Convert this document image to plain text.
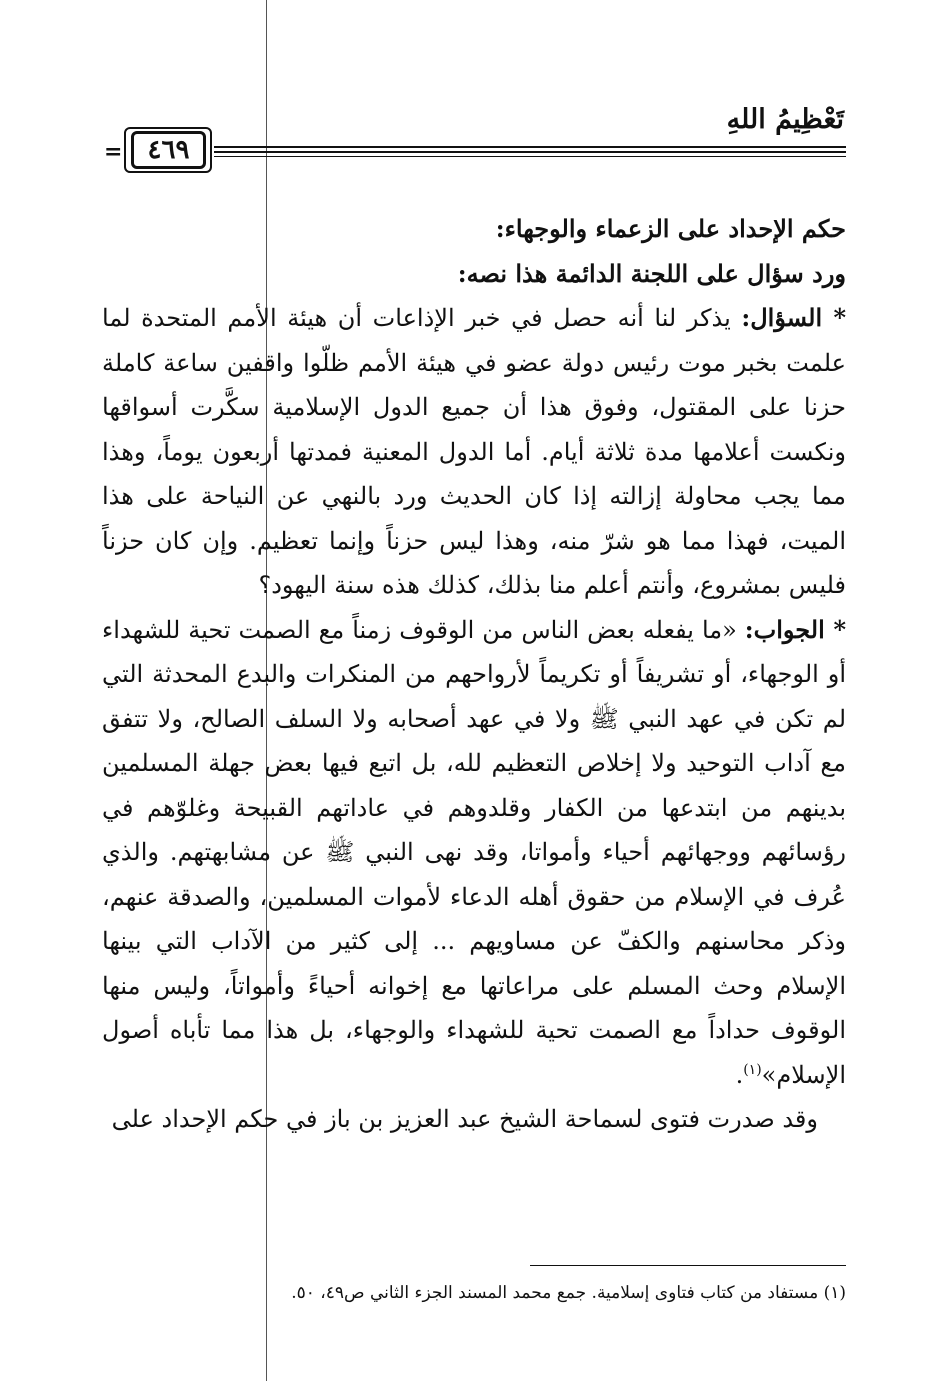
تَعْظِيمُ اللهِ
٤٦٩
=

حكم الإحداد على الزعماء والوجهاء:

ورد سؤال على اللجنة الدائمة هذا نصه:

* السؤال: يذكر لنا أنه حصل في خبر الإذاعات أن هيئة الأمم المتحدة لما علمت بخبر موت رئيس دولة عضو في هيئة الأمم ظلّوا واقفين ساعة كاملة حزنا على المقتول، وفوق هذا أن جميع الدول الإسلامية سكَّرت أسواقها ونكست أعلامها مدة ثلاثة أيام. أما الدول المعنية فمدتها أربعون يوماً، وهذا مما يجب محاولة إزالته إذا كان الحديث ورد بالنهي عن النياحة على هذا الميت، فهذا مما هو شرّ منه، وهذا ليس حزناً وإنما تعظيم. وإن كان حزناً فليس بمشروع، وأنتم أعلم منا بذلك، كذلك هذه سنة اليهود؟

* الجواب: «ما يفعله بعض الناس من الوقوف زمناً مع الصمت تحية للشهداء أو الوجهاء، أو تشريفاً أو تكريماً لأرواحهم من المنكرات والبدع المحدثة التي لم تكن في عهد النبي ﷺ ولا في عهد أصحابه ولا السلف الصالح، ولا تتفق مع آداب التوحيد ولا إخلاص التعظيم لله، بل اتبع فيها بعض جهلة المسلمين بدينهم من ابتدعها من الكفار وقلدوهم في عاداتهم القبيحة وغلوّهم في رؤسائهم ووجهائهم أحياء وأمواتا، وقد نهى النبي ﷺ عن مشابهتهم. والذي عُرف في الإسلام من حقوق أهله الدعاء لأموات المسلمين، والصدقة عنهم، وذكر محاسنهم والكفّ عن مساويهم ... إلى كثير من الآداب التي بينها الإسلام وحث المسلم على مراعاتها مع إخوانه أحياءً وأمواتاً، وليس منها الوقوف حداداً مع الصمت تحية للشهداء والوجهاء، بل هذا مما تأباه أصول الإسلام»$^{(١)}$.

وقد صدرت فتوى لسماحة الشيخ عبد العزيز بن باز في حكم الإحداد على

(١) مستفاد من كتاب فتاوى إسلامية. جمع محمد المسند الجزء الثاني ص٤٩، ٥٠.
